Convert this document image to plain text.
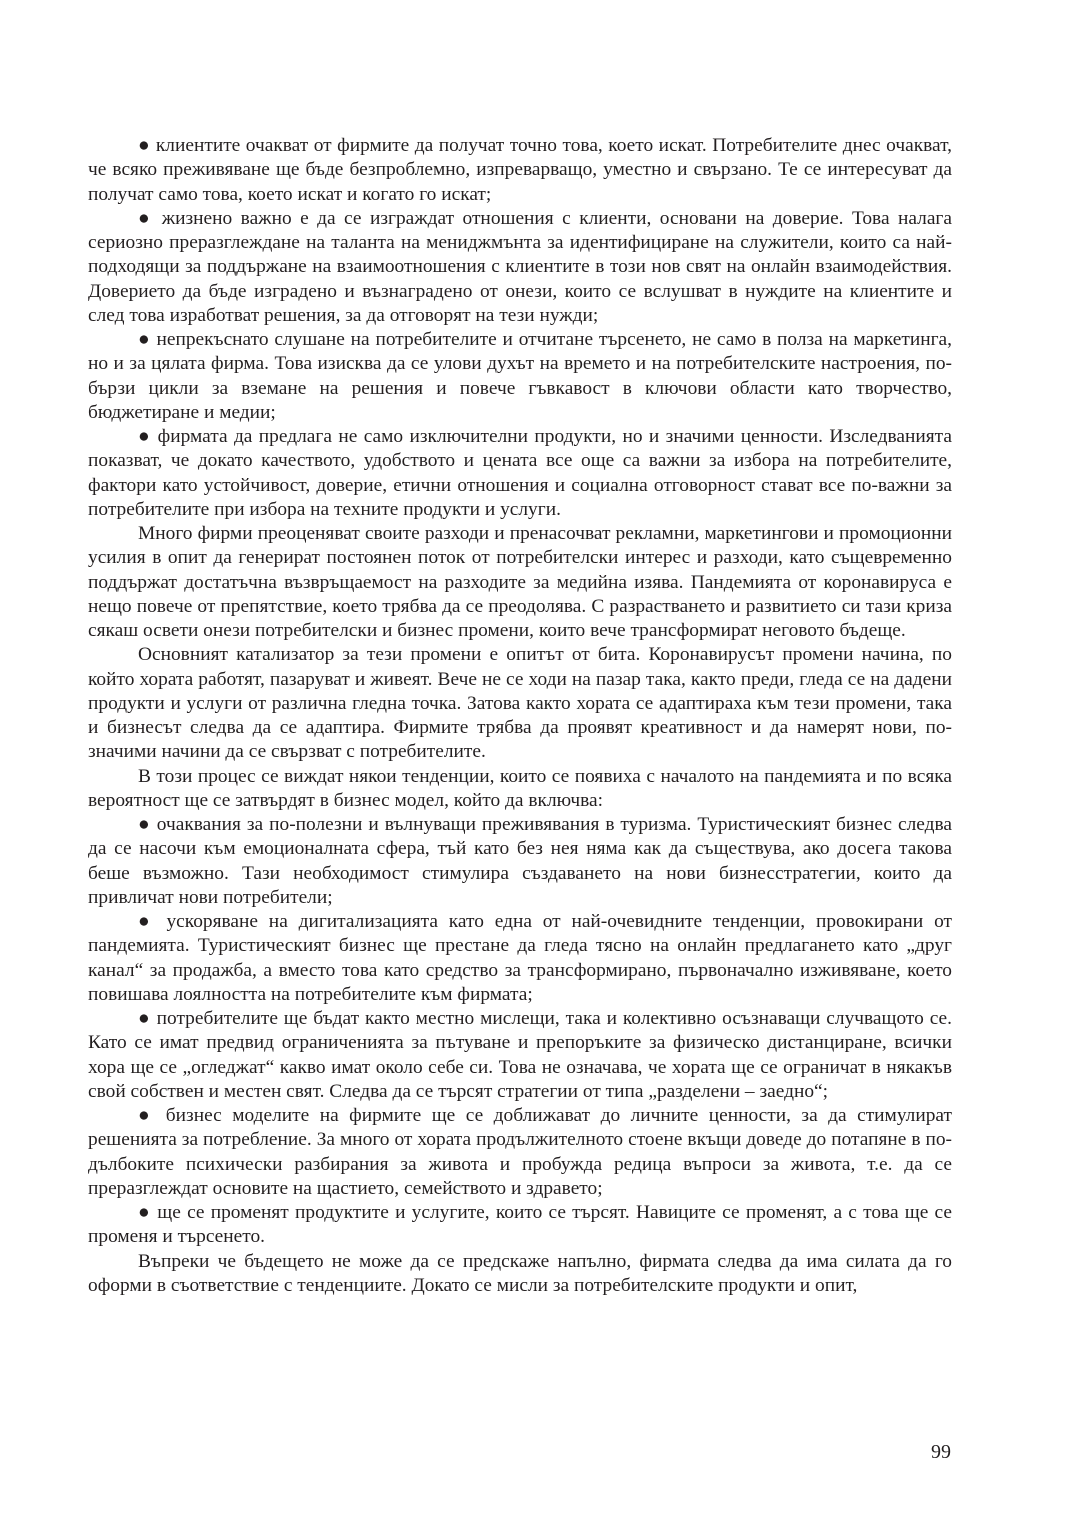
● клиентите очакват от фирмите да получат точно това, което искат. Потребителите днес очакват, че всяко преживяване ще бъде безпроблемно, изпреварващо, уместно и свързано. Те се интересуват да получат само това, което искат и когато го искат;

● жизнено важно е да се изграждат отношения с клиенти, основани на доверие. Това налага сериозно преразглеждане на таланта на мениджмънта за идентифициране на служители, които са най-подходящи за поддържане на взаимоотношения с клиентите в този нов свят на онлайн взаимодействия. Доверието да бъде изградено и възнаградено от онези, които се вслушват в нуждите на клиентите и след това изработват решения, за да отговорят на тези нужди;

● непрекъснато слушане на потребителите и отчитане търсенето, не само в полза на маркетинга, но и за цялата фирма. Това изисква да се улови духът на времето и на потребителските настроения, по-бързи цикли за вземане на решения и повече гъвкавост в ключови области като творчество, бюджетиране и медии;

● фирмата да предлага не само изключителни продукти, но и значими ценности. Изследванията показват, че докато качеството, удобството и цената все още са важни за избора на потребителите, фактори като устойчивост, доверие, етични отношения и социална отговорност стават все по-важни за потребителите при избора на техните продукти и услуги.

Много фирми преоценяват своите разходи и пренасочват рекламни, маркетингови и промоционни усилия в опит да генерират постоянен поток от потребителски интерес и разходи, като същевременно поддържат достатъчна възвръщаемост на разходите за медийна изява. Пандемията от коронавируса е нещо повече от препятствие, което трябва да се преодолява. С разрастването и развитието си тази криза сякаш освети онези потребителски и бизнес промени, които вече трансформират неговото бъдеще.

Основният катализатор за тези промени е опитът от бита. Коронавирусът промени начина, по който хората работят, пазаруват и живеят. Вече не се ходи на пазар така, както преди, гледа се на дадени продукти и услуги от различна гледна точка. Затова както хората се адаптираха към тези промени, така и бизнесът следва да се адаптира. Фирмите трябва да проявят креативност и да намерят нови, по-значими начини да се свързват с потребителите.

В този процес се виждат някои тенденции, които се появиха с началото на пандемията и по всяка вероятност ще се затвърдят в бизнес модел, който да включва:

● очаквания за по-полезни и вълнуващи преживявания в туризма. Туристическият бизнес следва да се насочи към емоционалната сфера, тъй като без нея няма как да съществува, ако досега такова беше възможно. Тази необходимост стимулира създаването на нови бизнесстратегии, които да привличат нови потребители;

● ускоряване на дигитализацията като една от най-очевидните тенденции, провокирани от пандемията. Туристическият бизнес ще престане да гледа тясно на онлайн предлагането като „друг канал“ за продажба, а вместо това като средство за трансформирано, първоначално изживяване, което повишава лоялността на потребителите към фирмата;

● потребителите ще бъдат както местно мислещи, така и колективно осъзнаващи случващото се. Като се имат предвид ограниченията за пътуване и препоръките за физическо дистанциране, всички хора ще се „огледжат“ какво имат около себе си. Това не означава, че хората ще се ограничат в някакъв свой собствен и местен свят. Следва да се търсят стратегии от типа „разделени – заедно“;

● бизнес моделите на фирмите ще се доближават до личните ценности, за да стимулират решенията за потребление. За много от хората продължителното стоене вкъщи доведе до потапяне в по-дълбоките психически разбирания за живота и пробужда редица въпроси за живота, т.е. да се преразглеждат основите на щастието, семейството и здравето;

● ще се променят продуктите и услугите, които се търсят. Навиците се променят, а с това ще се променя и търсенето.

Въпреки че бъдещето не може да се предскаже напълно, фирмата следва да има силата да го оформи в съответствие с тенденциите. Докато се мисли за потребителските продукти и опит,

99
